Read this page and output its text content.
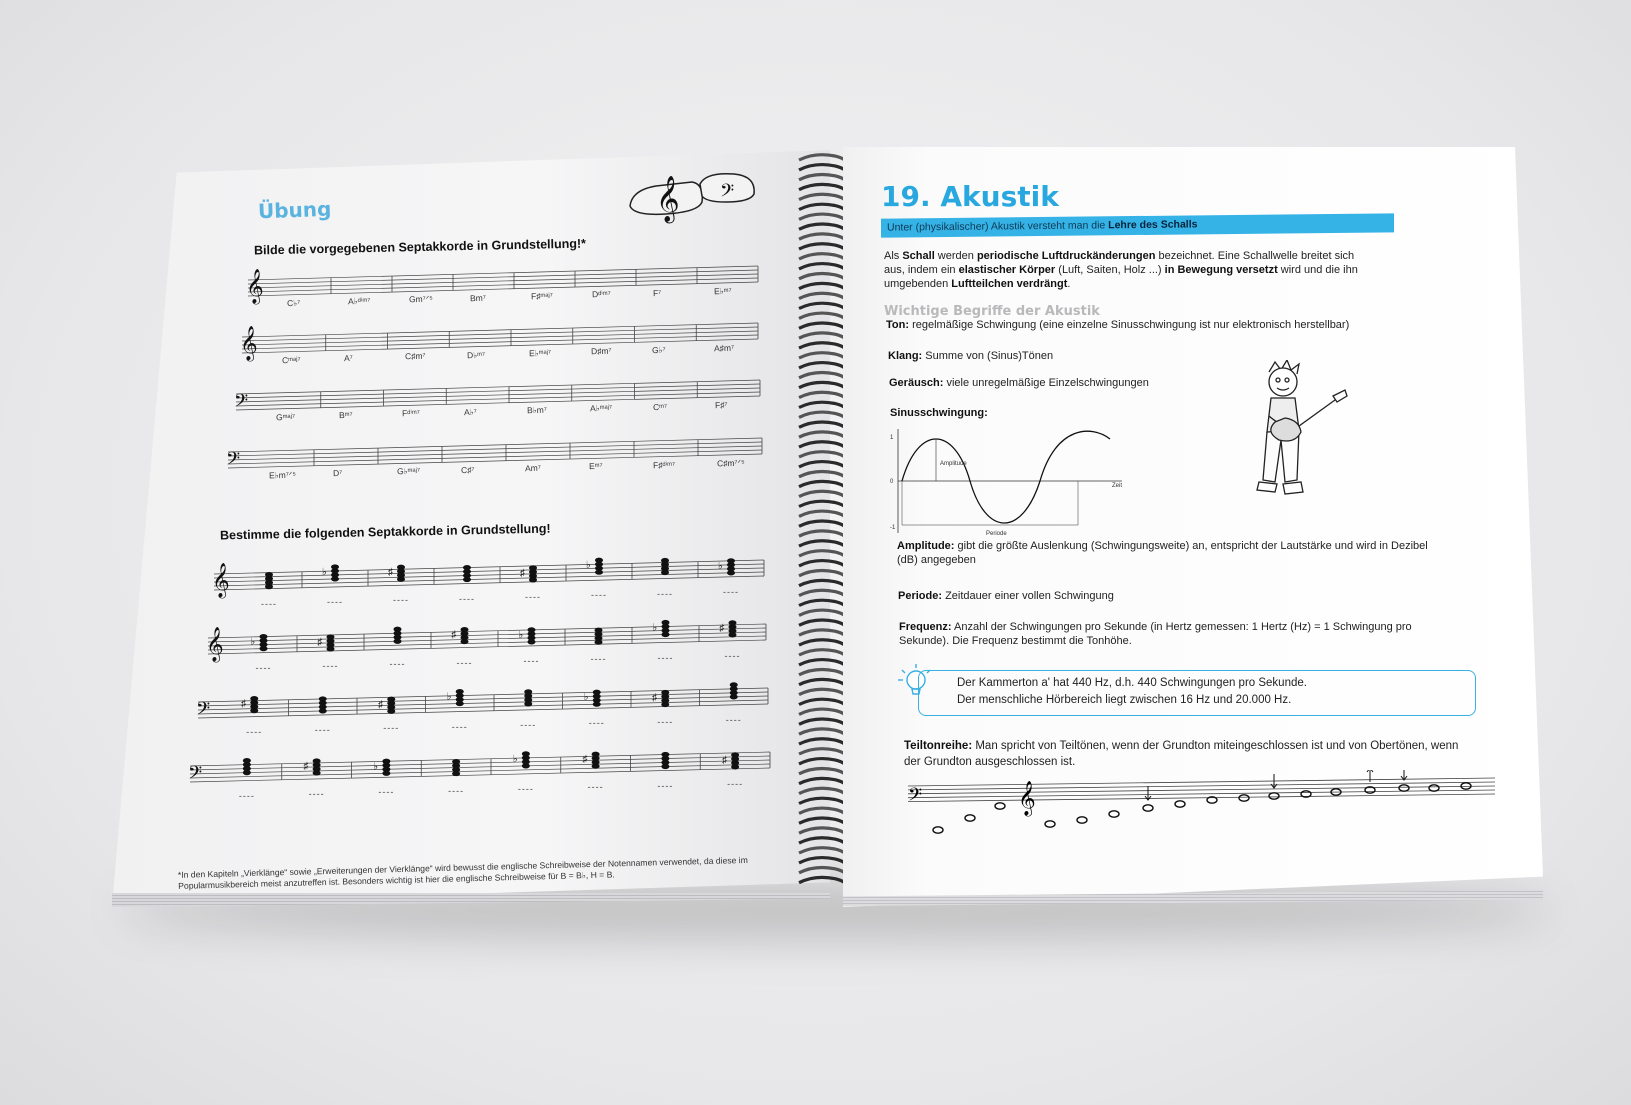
Übung	𝄞 𝄢
Bilde die vorgegebenen Septakkorde in Grundstellung!*
Bestimme die folgenden Septakkorde in Grundstellung!
𝄞
𝄞
𝄢
𝄢
𝄞	♭	♯	♯
♭	♭
𝄞	♭	♯
♯	♭
♭	♯
𝄢	♯	♯
♭	♭	♯
𝄢	♯	♭
♭	♯	♯
*In den Kapiteln „Vierklänge“ sowie „Erweiterungen der Vierklänge“ wird bewusst die englische Schreibweise der Notennamen verwendet, da diese im Popularmusikbereich meist anzutreffen ist. Besonders wichtig ist hier die englische Schreibweise für B = B♭, H = B.
C♭⁷	A♭ᵈⁱᵐ⁷	Gm⁷ᐟ⁵	Bm⁷	F♯ᵐᵃʲ⁷	Dᵈⁱᵐ⁷	F⁷	E♭ᵐ⁷
Cᵐᵃʲ⁷	A⁷	C♯m⁷	D♭ᵐ⁷	E♭ᵐᵃʲ⁷	D♯m⁷	G♭⁷	A♯m⁷
Gᵐᵃʲ⁷	Bᵐ⁷	Fᵈⁱᵐ⁷	A♭⁷	B♭m⁷	A♭ᵐᵃʲ⁷	Cᵐ⁷	F♯⁷
E♭m⁷ᐟ⁵	D⁷	G♭ᵐᵃʲ⁷	C♯⁷	Am⁷	Eᵐ⁷	F♯ᵈⁱᵐ⁷	C♯m⁷ᐟ⁵
----	----	----	----	----	----	----	----
----	----	----	----	----	----	----	----
----	----	----	----	----	----	----	----
----	----	----	----	----	----	----	----
19. Akustik
Unter (physikalischer) Akustik versteht man die Lehre des Schalls
Als Schall werden periodische Luftdruckänderungen bezeichnet. Eine Schallwelle breitet sich aus, indem ein elastischer Körper (Luft, Saiten, Holz ...) in Bewegung versetzt wird und die ihn umgebenden Luftteilchen verdrängt.
Wichtige Begriffe der Akustik
Ton: regelmäßige Schwingung (eine einzelne Sinusschwingung ist nur elektronisch herstellbar)
Klang: Summe von (Sinus)Tönen
Geräusch: viele unregelmäßige Einzelschwingungen
Sinusschwingung:
1
0
-1
Amplitude
Zeit
Periode
Amplitude: gibt die größte Auslenkung (Schwingungsweite) an, entspricht der Lautstärke und wird in Dezibel (dB) angegeben
Periode: Zeitdauer einer vollen Schwingung
Frequenz: Anzahl der Schwingungen pro Sekunde (in Hertz gemessen: 1 Hertz (Hz) = 1 Schwingung pro Sekunde). Die Frequenz bestimmt die Tonhöhe.
Der Kammerton a' hat 440 Hz, d.h. 440 Schwingungen pro Sekunde.
Der menschliche Hörbereich liegt zwischen 16 Hz und 20.000 Hz.
Teiltonreihe: Man spricht von Teiltönen, wenn der Grundton miteingeschlossen ist und von Obertönen, wenn der Grundton ausgeschlossen ist.
𝄢	𝄞
